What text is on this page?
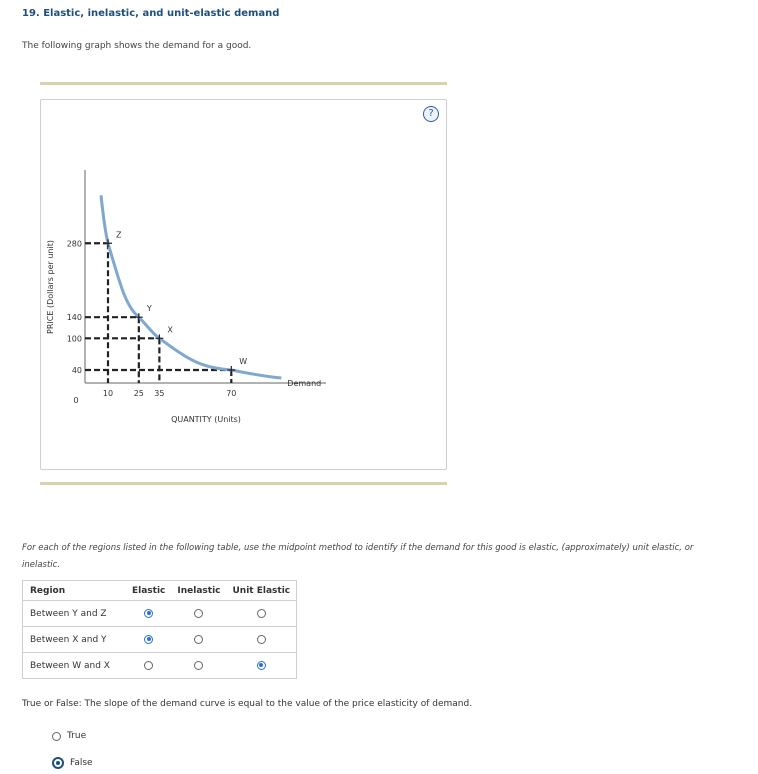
19. Elastic, inelastic, and unit-elastic demand
The following graph shows the demand for a good.
?
280
10
Z
140
25
Y
100
35
X
40
70
W
PRICE (Dollars per unit)
QUANTITY (Units)
0
Demand
For each of the regions listed in the following table, use the midpoint method to identify if the demand for this good is elastic, (approximately) unit elastic, or inelastic.
Region	Elastic	Inelastic	Unit Elastic
Between Y and Z			
Between X and Y			
Between W and X			
True or False: The slope of the demand curve is equal to the value of the price elasticity of demand.
True
False
